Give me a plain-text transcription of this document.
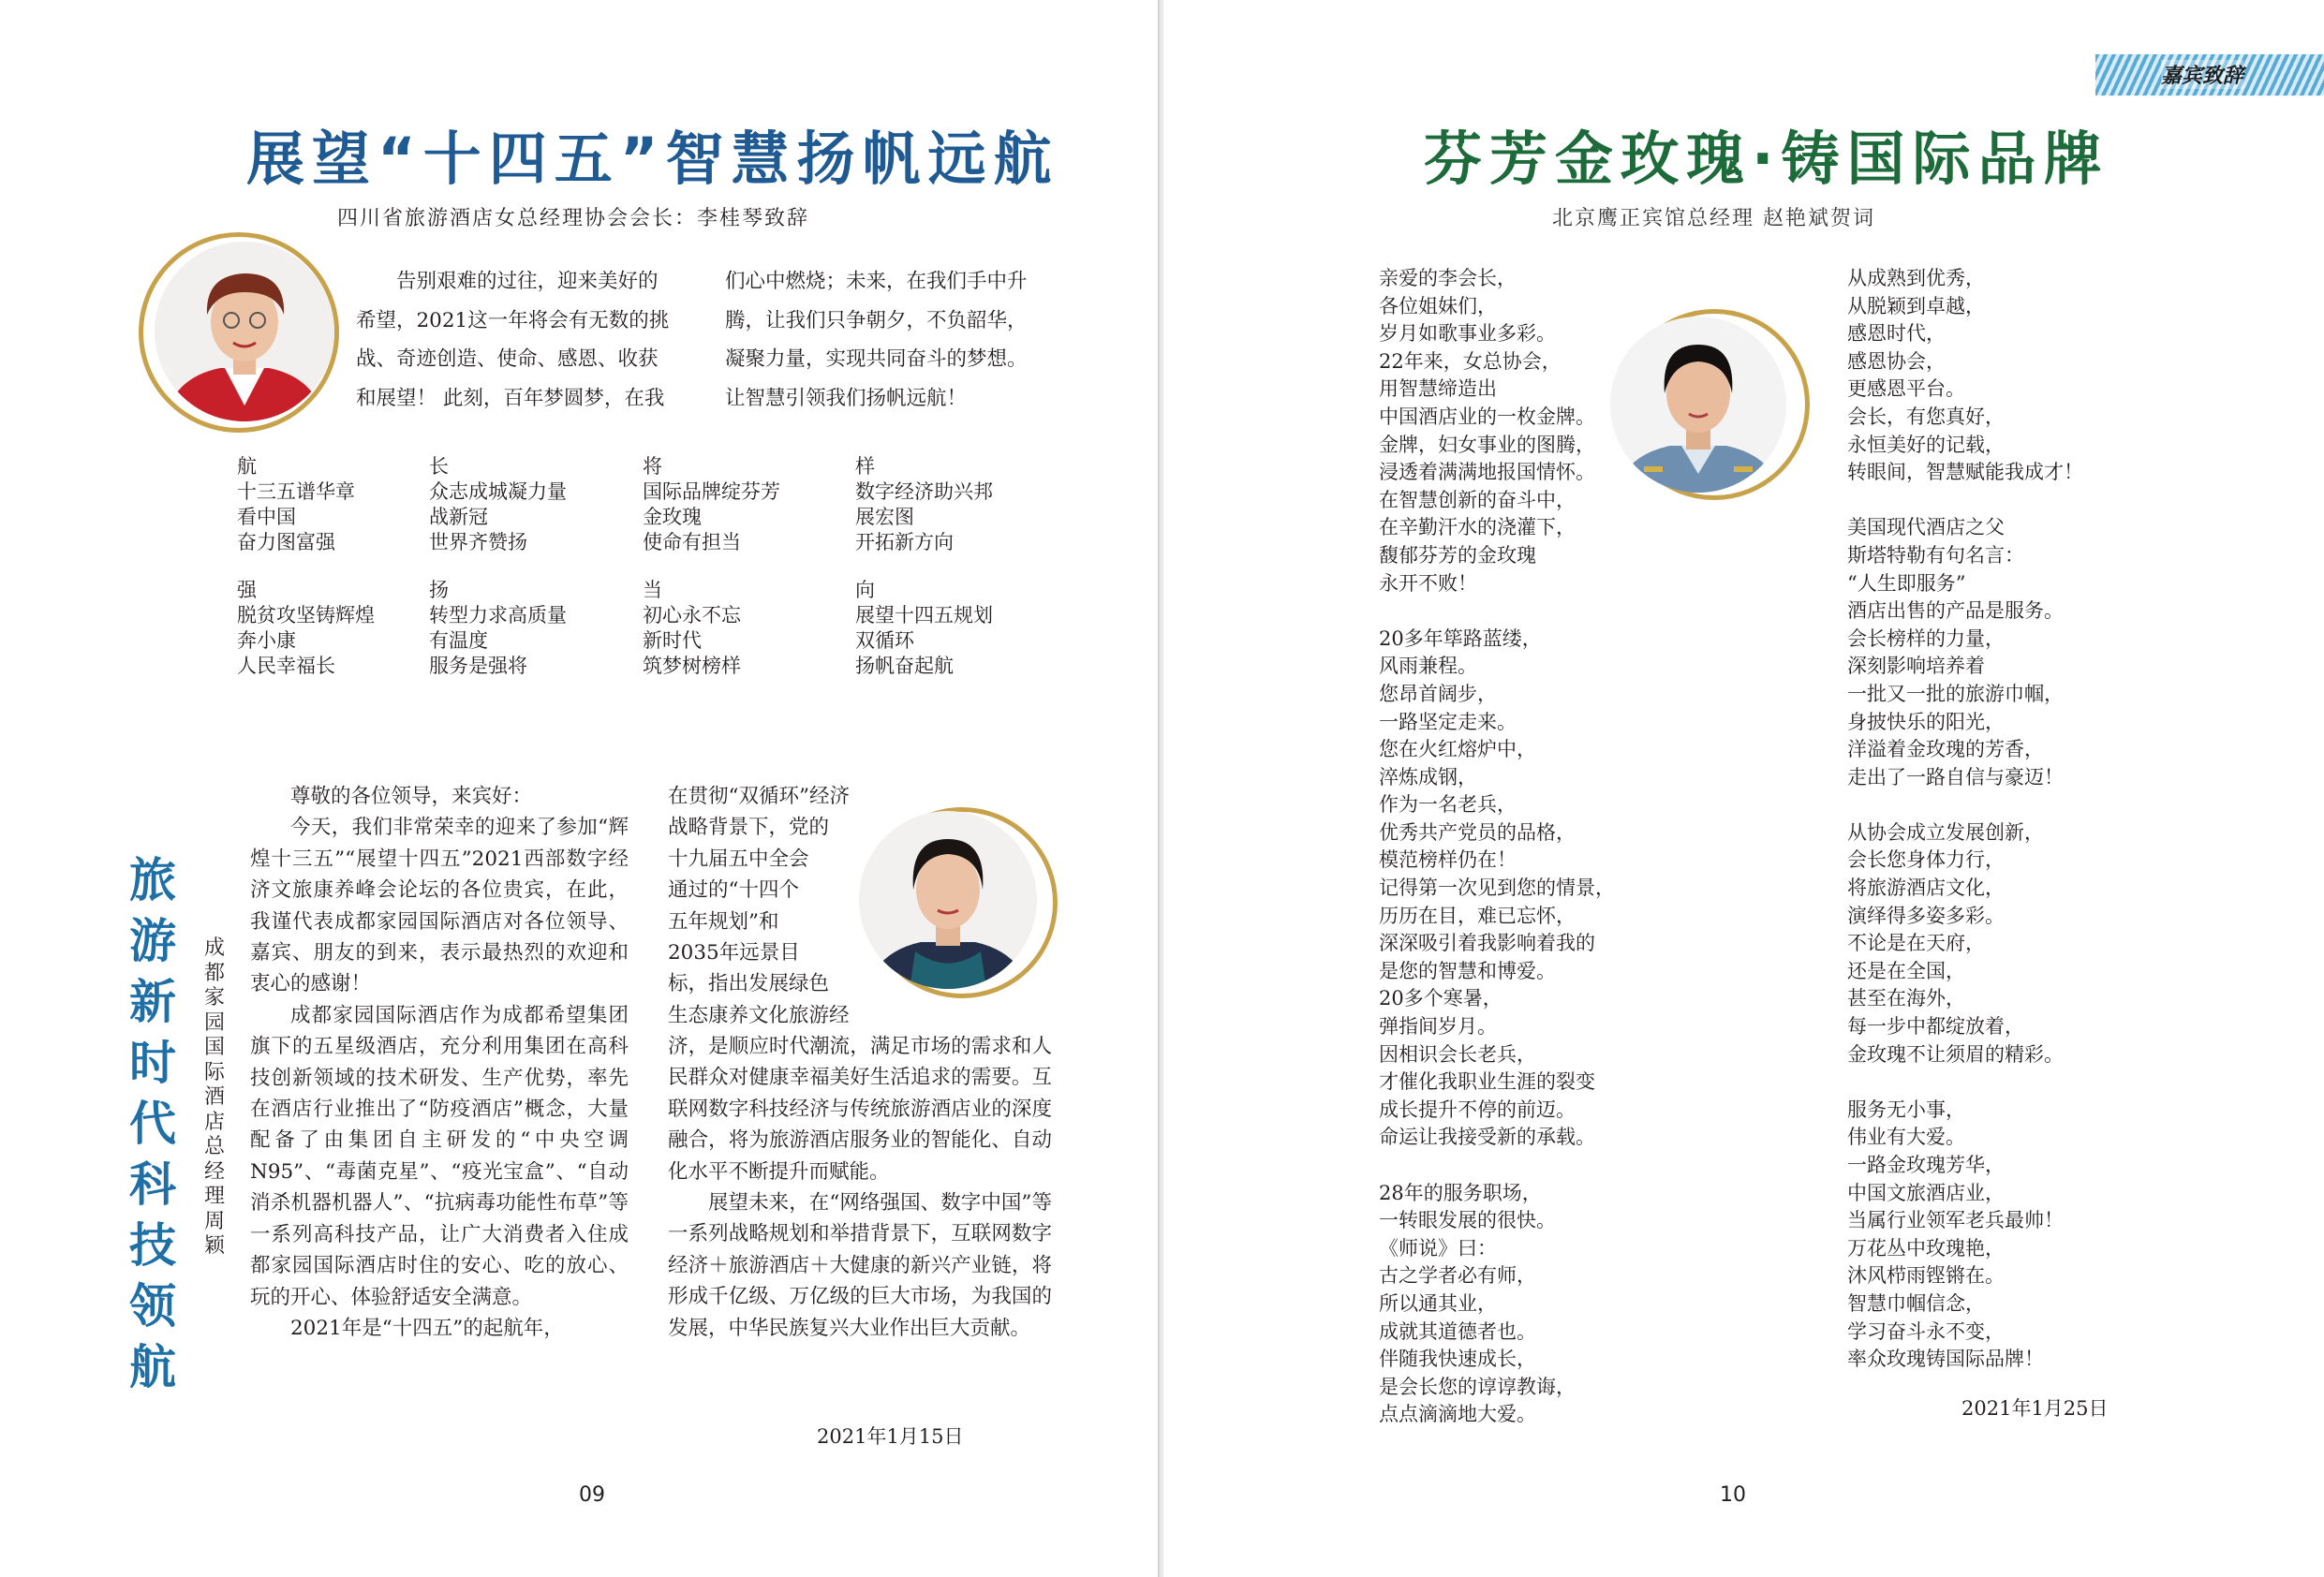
展望“十四五”智慧扬帆远航
四川省旅游酒店女总经理协会会长：李桂琴致辞
告别艰难的过往，迎来美好的
希望，2021这一年将会有无数的挑
战、奇迹创造、使命、感恩、收获
和展望！ 此刻，百年梦圆梦，在我
们心中燃烧；未来，在我们手中升
腾，让我们只争朝夕，不负韶华，
凝聚力量，实现共同奋斗的梦想。
让智慧引领我们扬帆远航！
航
十三五谱华章
看中国
奋力图富强
长
众志成城凝力量
战新冠
世界齐赞扬
将
国际品牌绽芬芳
金玫瑰
使命有担当
样
数字经济助兴邦
展宏图
开拓新方向
强
脱贫攻坚铸辉煌
奔小康
人民幸福长
扬
转型力求高质量
有温度
服务是强将
当
初心永不忘
新时代
筑梦树榜样
向
展望十四五规划
双循环
扬帆奋起航
旅游新时代科技领航
成都家园国际酒店总经理 周颖

尊敬的各位领导，来宾好：

今天，我们非常荣幸的迎来了参加“辉煌十三五”“展望十四五”2021西部数字经济文旅康养峰会论坛的各位贵宾，在此，我谨代表成都家园国际酒店对各位领导、嘉宾、朋友的到来，表示最热烈的欢迎和衷心的感谢！

成都家园国际酒店作为成都希望集团旗下的五星级酒店，充分利用集团在高科技创新领域的技术研发、生产优势，率先在酒店行业推出了“防疫酒店”概念，大量配备了由集团自主研发的“中央空调N95”、“毒菌克星”、“疫光宝盒”、“自动消杀机器机器人”、“抗病毒功能性布草”等一系列高科技产品，让广大消费者入住成都家园国际酒店时住的安心、吃的放心、玩的开心、体验舒适安全满意。

2021年是“十四五”的起航年，

在贯彻“双循环”经济
战略背景下，党的
十九届五中全会
通过的“十四个
五年规划”和
2035年远景目
标，指出发展绿色
生态康养文化旅游经

济，是顺应时代潮流，满足市场的需求和人民群众对健康幸福美好生活追求的需要。互联网数字科技经济与传统旅游酒店业的深度融合，将为旅游酒店服务业的智能化、自动化水平不断提升而赋能。

展望未来，在“网络强国、数字中国”等一系列战略规划和举措背景下，互联网数字经济＋旅游酒店＋大健康的新兴产业链，将形成千亿级、万亿级的巨大市场，为我国的发展，中华民族复兴大业作出巨大贡献。

2021年1月15日
09
嘉宾致辞
芬芳金玫瑰·铸国际品牌
北京鹰正宾馆总经理 赵艳斌贺词
亲爱的李会长，
各位姐妹们，
岁月如歌事业多彩。
22年来，女总协会，
用智慧缔造出
中国酒店业的一枚金牌。
金牌，妇女事业的图腾，
浸透着满满地报国情怀。
在智慧创新的奋斗中，
在辛勤汗水的浇灌下，
馥郁芬芳的金玫瑰
永开不败！
20多年筚路蓝缕，
风雨兼程。
您昂首阔步，
一路坚定走来。
您在火红熔炉中，
淬炼成钢，
作为一名老兵，
优秀共产党员的品格，
模范榜样仍在！
记得第一次见到您的情景，
历历在目，难已忘怀，
深深吸引着我影响着我的
是您的智慧和博爱。
20多个寒暑，
弹指间岁月。
因相识会长老兵，
才催化我职业生涯的裂变
成长提升不停的前迈。
命运让我接受新的承载。
28年的服务职场，
一转眼发展的很快。
《师说》曰：
古之学者必有师，
所以通其业，
成就其道德者也。
伴随我快速成长，
是会长您的谆谆教诲，
点点滴滴地大爱。
从成熟到优秀，
从脱颖到卓越，
感恩时代，
感恩协会，
更感恩平台。
会长，有您真好，
永恒美好的记载，
转眼间，智慧赋能我成才！
美国现代酒店之父
斯塔特勒有句名言：
“人生即服务”
酒店出售的产品是服务。
会长榜样的力量，
深刻影响培养着
一批又一批的旅游巾帼，
身披快乐的阳光，
洋溢着金玫瑰的芳香，
走出了一路自信与豪迈！
从协会成立发展创新，
会长您身体力行，
将旅游酒店文化，
演绎得多姿多彩。
不论是在天府，
还是在全国，
甚至在海外，
每一步中都绽放着，
金玫瑰不让须眉的精彩。
服务无小事，
伟业有大爱。
一路金玫瑰芳华，
中国文旅酒店业，
当属行业领军老兵最帅！
万花丛中玫瑰艳，
沐风栉雨铿锵在。
智慧巾帼信念，
学习奋斗永不变，
率众玫瑰铸国际品牌！
2021年1月25日
10
